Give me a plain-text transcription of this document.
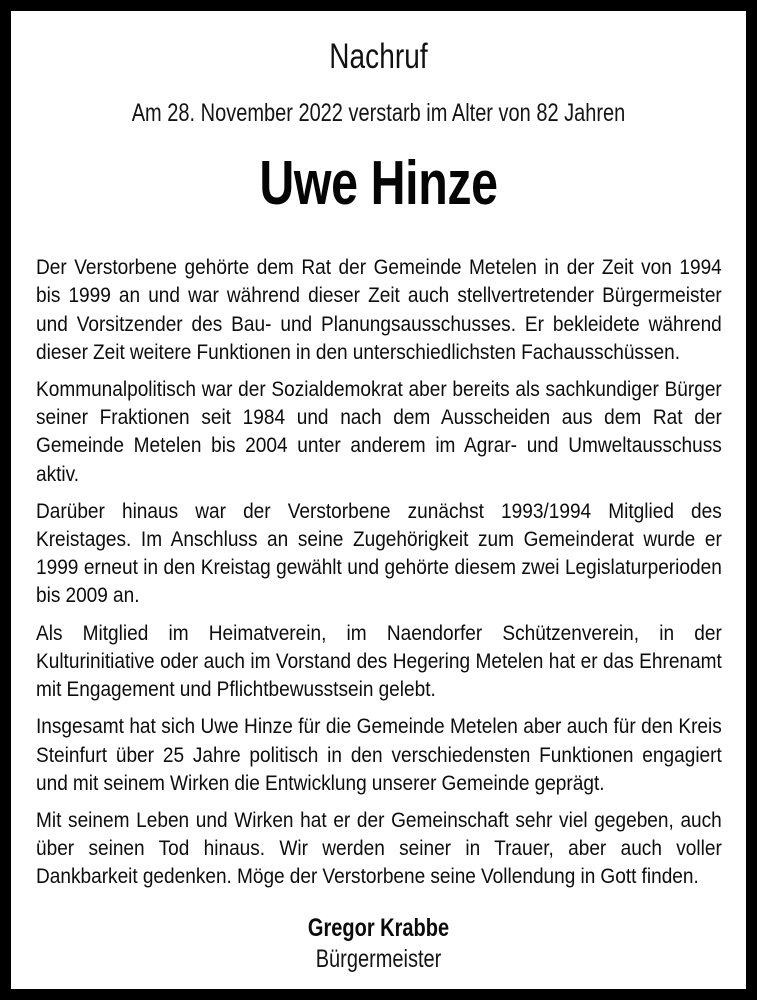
Nachruf

Am 28. November 2022 verstarb im Alter von 82 Jahren

Uwe Hinze

Der Verstorbene gehörte dem Rat der Gemeinde Metelen in der Zeit von 1994 bis 1999 an und war während dieser Zeit auch stellvertretender Bürgermeister und Vorsitzender des Bau- und Planungsausschusses. Er bekleidete während dieser Zeit weitere Funktionen in den unterschiedlichsten Fachausschüssen.

Kommunalpolitisch war der Sozialdemokrat aber bereits als sachkundiger Bürger seiner Fraktionen seit 1984 und nach dem Ausscheiden aus dem Rat der Gemeinde Metelen bis 2004 unter anderem im Agrar- und Umweltausschuss aktiv.

Darüber hinaus war der Verstorbene zunächst 1993/1994 Mitglied des Kreistages. Im Anschluss an seine Zugehörigkeit zum Gemeinderat wurde er 1999 erneut in den Kreistag gewählt und gehörte diesem zwei Legislaturperioden bis 2009 an.

Als Mitglied im Heimatverein, im Naendorfer Schützenverein, in der Kulturinitiative oder auch im Vorstand des Hegering Metelen hat er das Ehrenamt mit Engagement und Pflichtbewusstsein gelebt.

Insgesamt hat sich Uwe Hinze für die Gemeinde Metelen aber auch für den Kreis Steinfurt über 25 Jahre politisch in den verschiedensten Funktionen engagiert und mit seinem Wirken die Entwicklung unserer Gemeinde geprägt.

Mit seinem Leben und Wirken hat er der Gemeinschaft sehr viel gegeben, auch über seinen Tod hinaus. Wir werden seiner in Trauer, aber auch voller Dankbarkeit gedenken. Möge der Verstorbene seine Vollendung in Gott finden.

Gregor Krabbe

Bürgermeister
